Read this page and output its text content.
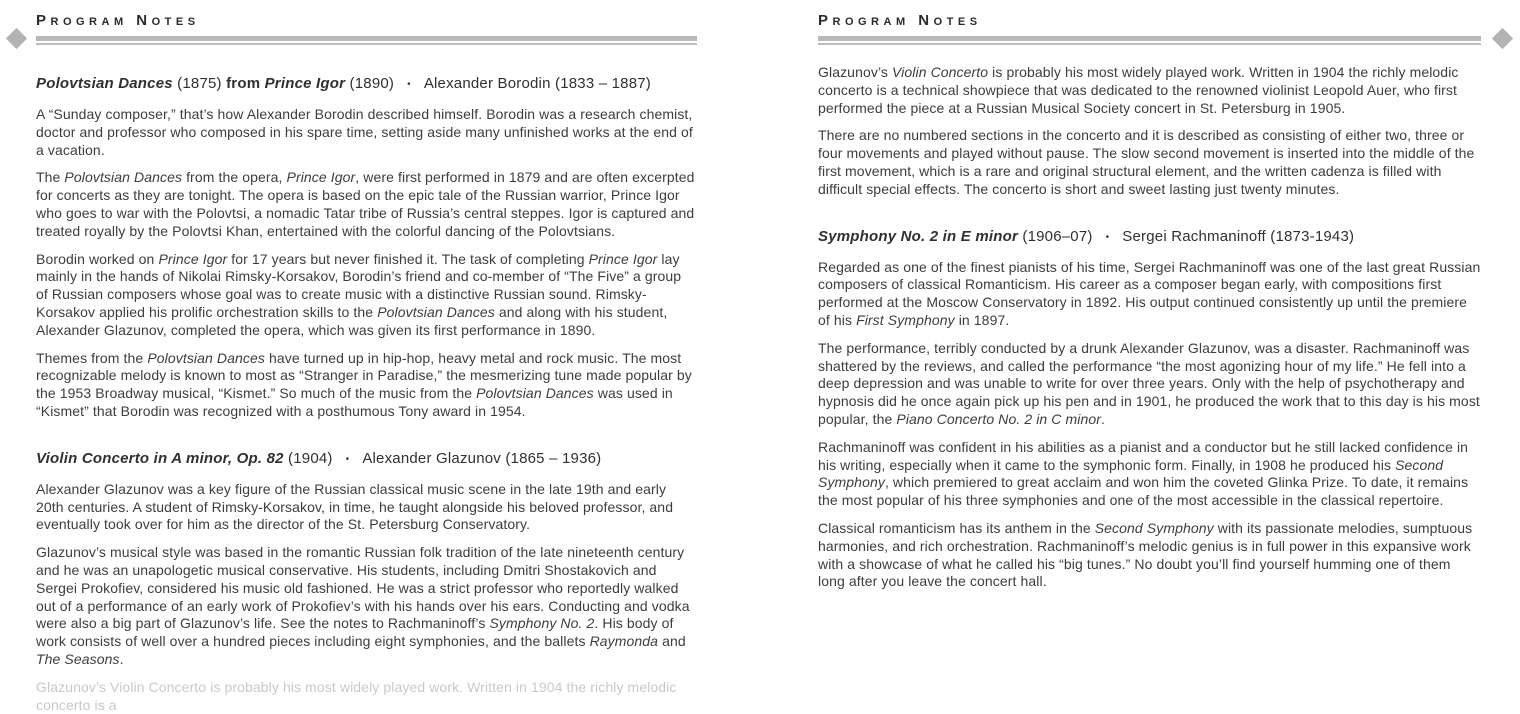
Program Notes
Polovtsian Dances (1875) from Prince Igor (1890) • Alexander Borodin (1833 – 1887)

A “Sunday composer,” that’s how Alexander Borodin described himself. Borodin was a research chemist, doctor and professor who composed in his spare time, setting aside many unfinished works at the end of a vacation.

The Polovtsian Dances from the opera, Prince Igor, were first performed in 1879 and are often excerpted for concerts as they are tonight. The opera is based on the epic tale of the Russian warrior, Prince Igor who goes to war with the Polovtsi, a nomadic Tatar tribe of Russia’s central steppes. Igor is captured and treated royally by the Polovtsi Khan, entertained with the colorful dancing of the Polovtsians.

Borodin worked on Prince Igor for 17 years but never finished it. The task of completing Prince Igor lay mainly in the hands of Nikolai Rimsky-Korsakov, Borodin’s friend and co-member of “The Five” a group of Russian composers whose goal was to create music with a distinctive Russian sound. Rimsky-Korsakov applied his prolific orchestration skills to the Polovtsian Dances and along with his student, Alexander Glazunov, completed the opera, which was given its first performance in 1890.

Themes from the Polovtsian Dances have turned up in hip-hop, heavy metal and rock music. The most recognizable melody is known to most as “Stranger in Paradise,” the mesmerizing tune made popular by the 1953 Broadway musical, “Kismet.” So much of the music from the Polovtsian Dances was used in “Kismet” that Borodin was recognized with a posthumous Tony award in 1954.

Violin Concerto in A minor, Op. 82 (1904) • Alexander Glazunov (1865 – 1936)

Alexander Glazunov was a key figure of the Russian classical music scene in the late 19th and early 20th centuries. A student of Rimsky-Korsakov, in time, he taught alongside his beloved professor, and eventually took over for him as the director of the St. Petersburg Conservatory.

Glazunov’s musical style was based in the romantic Russian folk tradition of the late nineteenth century and he was an unapologetic musical conservative. His students, including Dmitri Shostakovich and Sergei Prokofiev, considered his music old fashioned. He was a strict professor who reportedly walked out of a performance of an early work of Prokofiev’s with his hands over his ears. Conducting and vodka were also a big part of Glazunov’s life. See the notes to Rachmaninoff’s Symphony No. 2. His body of work consists of well over a hundred pieces including eight symphonies, and the ballets Raymonda and The Seasons.

Glazunov’s Violin Concerto is probably his most widely played work. Written in 1904 the richly melodic concerto is a

Program Notes

Glazunov’s Violin Concerto is probably his most widely played work. Written in 1904 the richly melodic concerto is a technical showpiece that was dedicated to the renowned violinist Leopold Auer, who first performed the piece at a Russian Musical Society concert in St. Petersburg in 1905.

There are no numbered sections in the concerto and it is described as consisting of either two, three or four movements and played without pause. The slow second movement is inserted into the middle of the first movement, which is a rare and original structural element, and the written cadenza is filled with difficult special effects. The concerto is short and sweet lasting just twenty minutes.

Symphony No. 2 in E minor (1906–07) • Sergei Rachmaninoff (1873-1943)

Regarded as one of the finest pianists of his time, Sergei Rachmaninoff was one of the last great Russian composers of classical Romanticism. His career as a composer began early, with compositions first performed at the Moscow Conservatory in 1892. His output continued consistently up until the premiere of his First Symphony in 1897.

The performance, terribly conducted by a drunk Alexander Glazunov, was a disaster. Rachmaninoff was shattered by the reviews, and called the performance “the most agonizing hour of my life.” He fell into a deep depression and was unable to write for over three years. Only with the help of psychotherapy and hypnosis did he once again pick up his pen and in 1901, he produced the work that to this day is his most popular, the Piano Concerto No. 2 in C minor.

Rachmaninoff was confident in his abilities as a pianist and a conductor but he still lacked confidence in his writing, especially when it came to the symphonic form. Finally, in 1908 he produced his Second Symphony, which premiered to great acclaim and won him the coveted Glinka Prize. To date, it remains the most popular of his three symphonies and one of the most accessible in the classical repertoire.

Classical romanticism has its anthem in the Second Symphony with its passionate melodies, sumptuous harmonies, and rich orchestration. Rachmaninoff’s melodic genius is in full power in this expansive work with a showcase of what he called his “big tunes.” No doubt you’ll find yourself humming one of them long after you leave the concert hall.
